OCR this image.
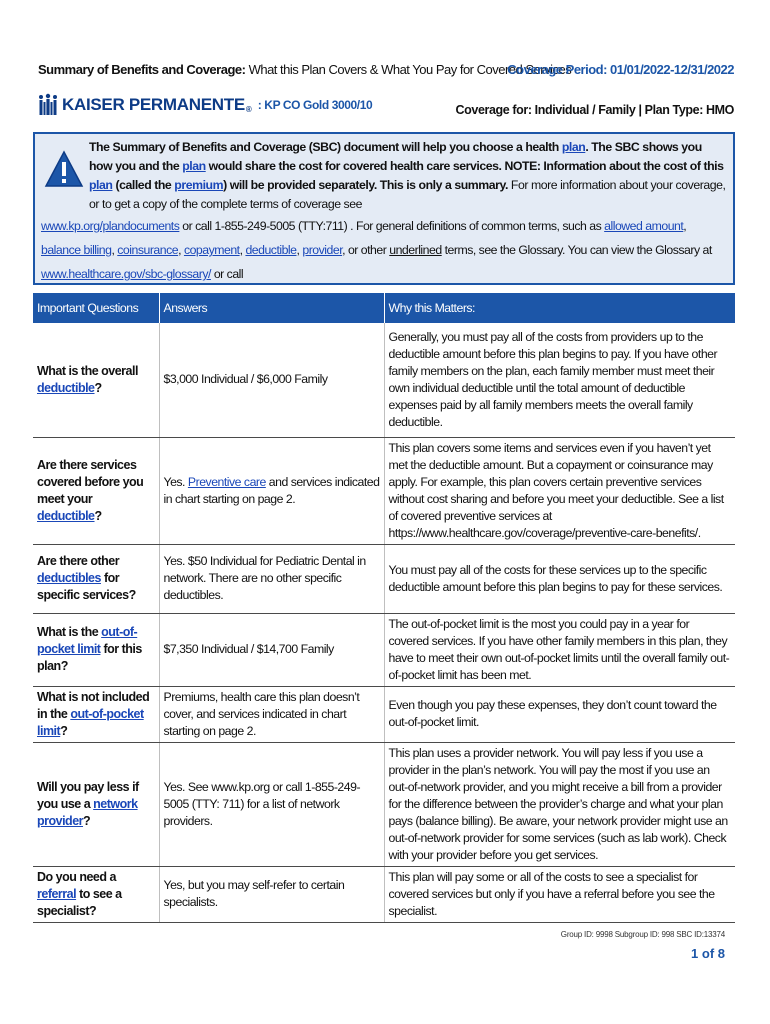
Summary of Benefits and Coverage: What this Plan Covers & What You Pay for Covered Services
Coverage Period: 01/01/2022-12/31/2022
KAISER PERMANENTE ® : KP CO Gold 3000/10	Coverage for: Individual / Family | Plan Type: HMO
The Summary of Benefits and Coverage (SBC) document will help you choose a health plan. The SBC shows you how you and the plan would share the cost for covered health care services. NOTE: Information about the cost of this plan (called the premium) will be provided separately. This is only a summary. For more information about your coverage, or to get a copy of the complete terms of coverage see
www.kp.org/plandocuments or call 1-855-249-5005 (TTY:711) . For general definitions of common terms, such as allowed amount, balance billing, coinsurance, copayment, deductible, provider, or other underlined terms, see the Glossary. You can view the Glossary at www.healthcare.gov/sbc-glossary/ or call

Important Questions	Answers	Why this Matters:
What is the overall deductible?	$3,000 Individual / $6,000 Family	Generally, you must pay all of the costs from providers up to the deductible amount before this plan begins to pay. If you have other family members on the plan, each family member must meet their own individual deductible until the total amount of deductible expenses paid by all family members meets the overall family deductible.
Are there services covered before you meet your deductible?	Yes. Preventive care and services indicated in chart starting on page 2.	This plan covers some items and services even if you haven’t yet met the deductible amount. But a copayment or coinsurance may apply. For example, this plan covers certain preventive services without cost sharing and before you meet your deductible. See a list of covered preventive services at https://www.healthcare.gov/coverage/preventive-care-benefits/.
Are there other deductibles for specific services?	Yes. $50 Individual for Pediatric Dental in network. There are no other specific deductibles.	You must pay all of the costs for these services up to the specific deductible amount before this plan begins to pay for these services.
What is the out-of-pocket limit for this plan?	$7,350 Individual / $14,700 Family	The out-of-pocket limit is the most you could pay in a year for covered services. If you have other family members in this plan, they have to meet their own out-of-pocket limits until the overall family out-of-pocket limit has been met.
What is not included in the out-of-pocket limit?	Premiums, health care this plan doesn’t cover, and services indicated in chart starting on page 2.	Even though you pay these expenses, they don’t count toward the out-of-pocket limit.
Will you pay less if you use a network provider?	Yes. See www.kp.org or call 1-855-249-5005 (TTY: 711) for a list of network providers.	This plan uses a provider network. You will pay less if you use a provider in the plan’s network. You will pay the most if you use an out-of-network provider, and you might receive a bill from a provider for the difference between the provider’s charge and what your plan pays (balance billing). Be aware, your network provider might use an out-of-network provider for some services (such as lab work). Check with your provider before you get services.
Do you need a referral to see a specialist?	Yes, but you may self-refer to certain specialists.	This plan will pay some or all of the costs to see a specialist for covered services but only if you have a referral before you see the specialist.
Group ID: 9998 Subgroup ID: 998 SBC ID:13374
1 of 8
